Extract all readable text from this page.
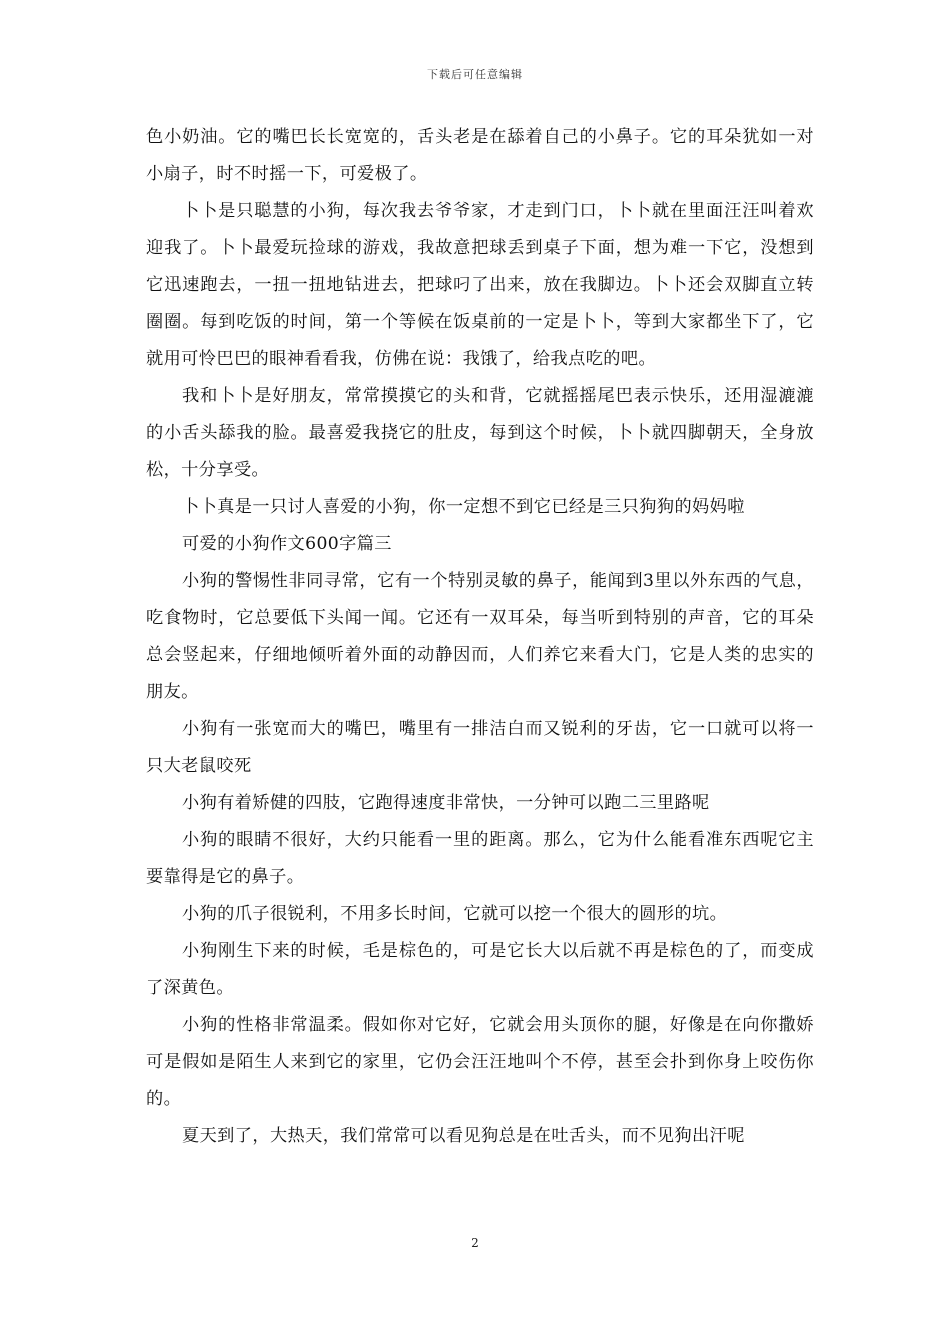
下载后可任意编辑

色小奶油。它的嘴巴长长宽宽的，舌头老是在舔着自己的小鼻子。它的耳朵犹如一对小扇子，时不时摇一下，可爱极了。

卜卜是只聪慧的小狗，每次我去爷爷家，才走到门口，卜卜就在里面汪汪叫着欢迎我了。卜卜最爱玩捡球的游戏，我故意把球丢到桌子下面，想为难一下它，没想到它迅速跑去，一扭一扭地钻进去，把球叼了出来，放在我脚边。卜卜还会双脚直立转圈圈。每到吃饭的时间，第一个等候在饭桌前的一定是卜卜，等到大家都坐下了，它就用可怜巴巴的眼神看看我，仿佛在说：我饿了，给我点吃的吧。

我和卜卜是好朋友，常常摸摸它的头和背，它就摇摇尾巴表示快乐，还用湿漉漉的小舌头舔我的脸。最喜爱我挠它的肚皮，每到这个时候，卜卜就四脚朝天，全身放松，十分享受。

卜卜真是一只讨人喜爱的小狗，你一定想不到它已经是三只狗狗的妈妈啦

可爱的小狗作文600字篇三

小狗的警惕性非同寻常，它有一个特别灵敏的鼻子，能闻到3里以外东西的气息，吃食物时，它总要低下头闻一闻。它还有一双耳朵，每当听到特别的声音，它的耳朵总会竖起来，仔细地倾听着外面的动静因而，人们养它来看大门，它是人类的忠实的朋友。

小狗有一张宽而大的嘴巴，嘴里有一排洁白而又锐利的牙齿，它一口就可以将一只大老鼠咬死

小狗有着矫健的四肢，它跑得速度非常快，一分钟可以跑二三里路呢

小狗的眼睛不很好，大约只能看一里的距离。那么，它为什么能看准东西呢它主要靠得是它的鼻子。

小狗的爪子很锐利，不用多长时间，它就可以挖一个很大的圆形的坑。

小狗刚生下来的时候，毛是棕色的，可是它长大以后就不再是棕色的了，而变成了深黄色。

小狗的性格非常温柔。假如你对它好，它就会用头顶你的腿，好像是在向你撒娇可是假如是陌生人来到它的家里，它仍会汪汪地叫个不停，甚至会扑到你身上咬伤你的。

夏天到了，大热天，我们常常可以看见狗总是在吐舌头，而不见狗出汗呢

2
